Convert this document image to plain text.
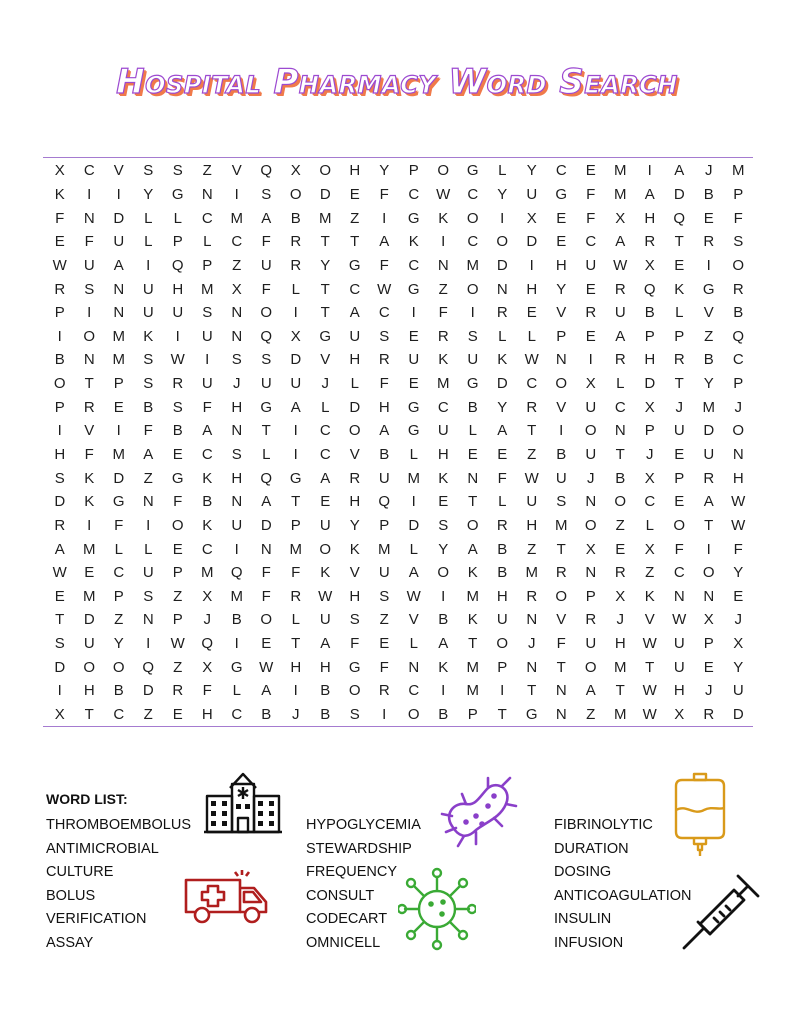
Hospital Pharmacy Word Search
X	C	V	S	S	Z	V	Q	X	O	H	Y	P	O	G	L	Y	C	E	M	I	A	J	M
K	I	I	Y	G	N	I	S	O	D	E	F	C	W	C	Y	U	G	F	M	A	D	B	P
F	N	D	L	L	C	M	A	B	M	Z	I	G	K	O	I	X	E	F	X	H	Q	E	F
E	F	U	L	P	L	C	F	R	T	T	A	K	I	C	O	D	E	C	A	R	T	R	S
W	U	A	I	Q	P	Z	U	R	Y	G	F	C	N	M	D	I	H	U	W	X	E	I	O
R	S	N	U	H	M	X	F	L	T	C	W	G	Z	O	N	H	Y	E	R	Q	K	G	R
P	I	N	U	U	S	N	O	I	T	A	C	I	F	I	R	E	V	R	U	B	L	V	B
I	O	M	K	I	U	N	Q	X	G	U	S	E	R	S	L	L	P	E	A	P	P	Z	Q
B	N	M	S	W	I	S	S	D	V	H	R	U	K	U	K	W	N	I	R	H	R	B	C
O	T	P	S	R	U	J	U	U	J	L	F	E	M	G	D	C	O	X	L	D	T	Y	P
P	R	E	B	S	F	H	G	A	L	D	H	G	C	B	Y	R	V	U	C	X	J	M	J
I	V	I	F	B	A	N	T	I	C	O	A	G	U	L	A	T	I	O	N	P	U	D	O
H	F	M	A	E	C	S	L	I	C	V	B	L	H	E	E	Z	B	U	T	J	E	U	N
S	K	D	Z	G	K	H	Q	G	A	R	U	M	K	N	F	W	U	J	B	X	P	R	H
D	K	G	N	F	B	N	A	T	E	H	Q	I	E	T	L	U	S	N	O	C	E	A	W
R	I	F	I	O	K	U	D	P	U	Y	P	D	S	O	R	H	M	O	Z	L	O	T	W
A	M	L	L	E	C	I	N	M	O	K	M	L	Y	A	B	Z	T	X	E	X	F	I	F
W	E	C	U	P	M	Q	F	F	K	V	U	A	O	K	B	M	R	N	R	Z	C	O	Y
E	M	P	S	Z	X	M	F	R	W	H	S	W	I	M	H	R	O	P	X	K	N	N	E
T	D	Z	N	P	J	B	O	L	U	S	Z	V	B	K	U	N	V	R	J	V	W	X	J
S	U	Y	I	W	Q	I	E	T	A	F	E	L	A	T	O	J	F	U	H	W	U	P	X
D	O	O	Q	Z	X	G	W	H	H	G	F	N	K	M	P	N	T	O	M	T	U	E	Y
I	H	B	D	R	F	L	A	I	B	O	R	C	I	M	I	T	N	A	T	W	H	J	U
X	T	C	Z	E	H	C	B	J	B	S	I	O	B	P	T	G	N	Z	M	W	X	R	D
WORD LIST:
THROMBOEMBOLUS
ANTIMICROBIAL
CULTURE
BOLUS
VERIFICATION
ASSAY
HYPOGLYCEMIA
STEWARDSHIP
FREQUENCY
CONSULT
CODECART
OMNICELL
FIBRINOLYTIC
DURATION
DOSING
ANTICOAGULATION
INSULIN
INFUSION
